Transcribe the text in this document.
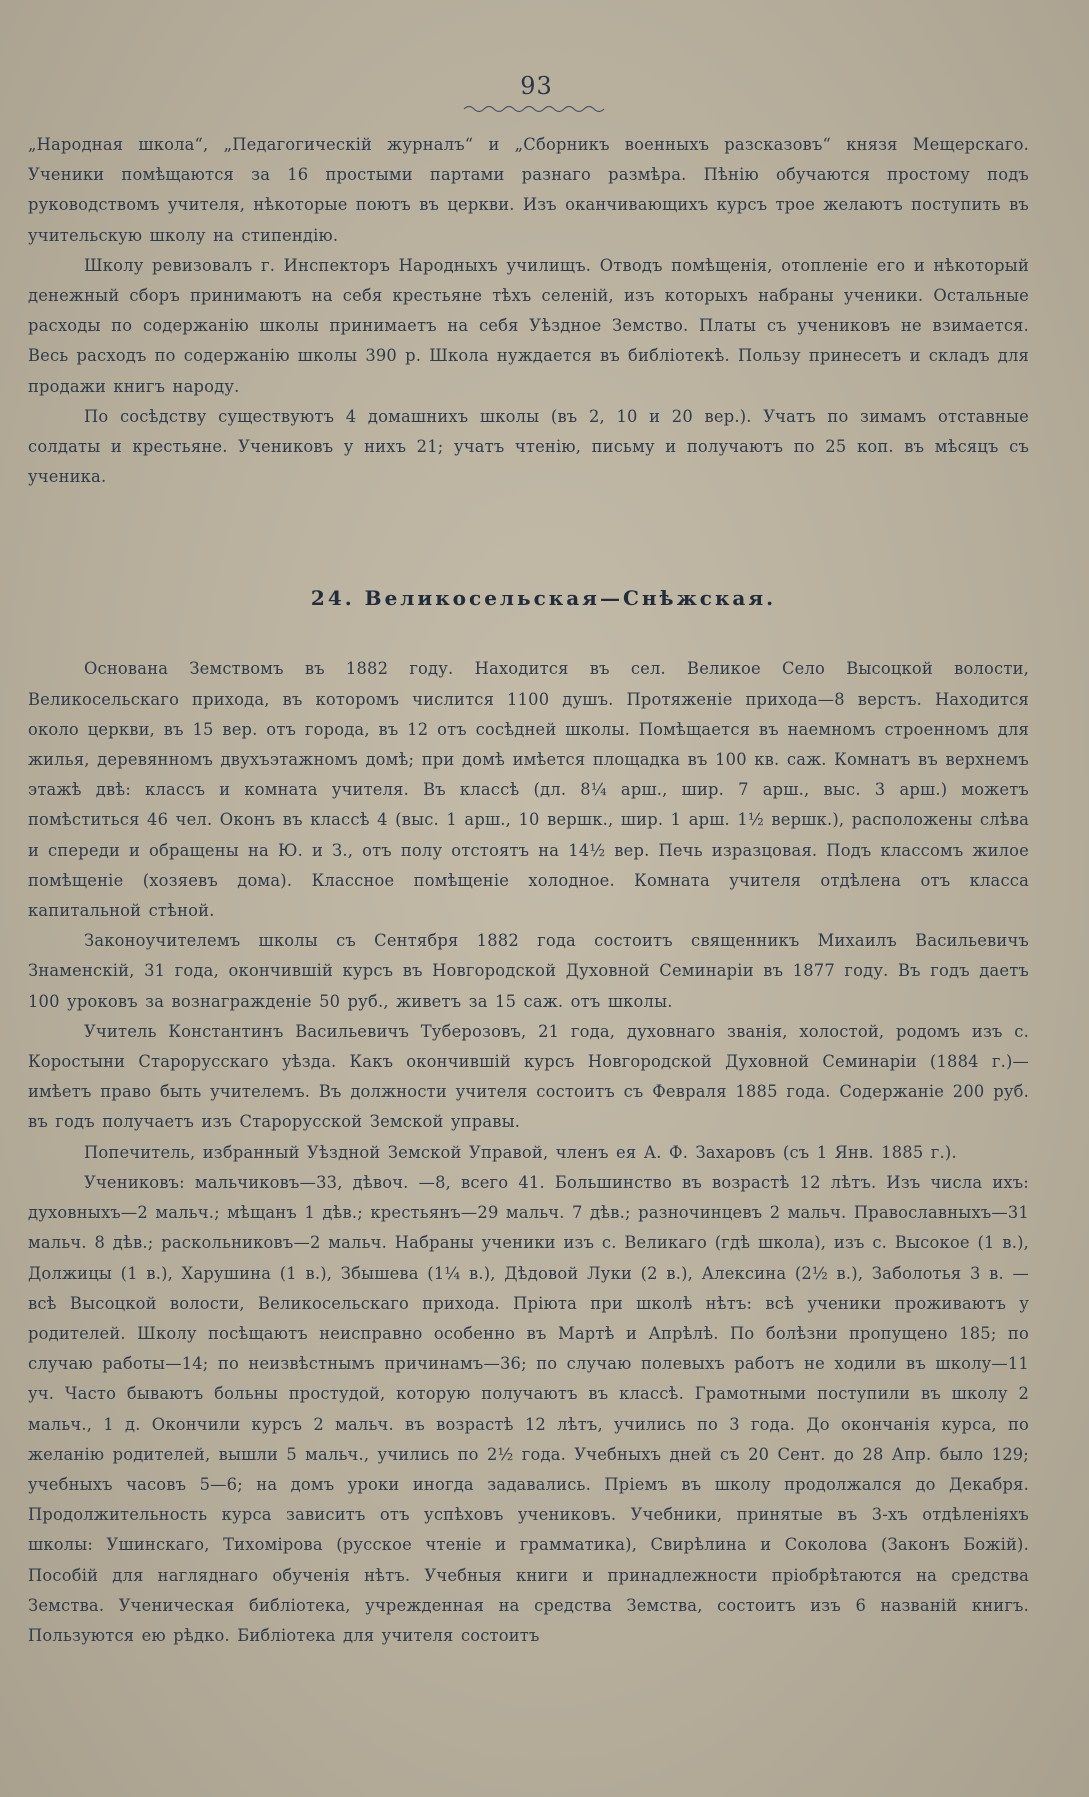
93

„Народная школа“, „Педагогическій журналъ“ и „Сборникъ военныхъ разсказовъ“ князя Мещерскаго. Ученики помѣщаются за 16 простыми партами разнаго размѣра. Пѣнію обучаются простому подъ руководствомъ учителя, нѣкоторые поютъ въ церкви. Изъ оканчивающихъ курсъ трое желаютъ поступить въ учительскую школу на стипендію.

Школу ревизовалъ г. Инспекторъ Народныхъ училищъ. Отводъ помѣщенія, отопленіе его и нѣкоторый денежный сборъ принимаютъ на себя крестьяне тѣхъ селеній, изъ которыхъ набраны ученики. Остальные расходы по содержанію школы принимаетъ на себя Уѣздное Земство. Платы съ учениковъ не взимается. Весь расходъ по содержанію школы 390 р. Школа нуждается въ библіотекѣ. Пользу принесетъ и складъ для продажи книгъ народу.

По сосѣдству существуютъ 4 домашнихъ школы (въ 2, 10 и 20 вер.). Учатъ по зимамъ отставные солдаты и крестьяне. Учениковъ у нихъ 21; учатъ чтенію, письму и получаютъ по 25 коп. въ мѣсяцъ съ ученика.

24. Великосельская—Снѣжская.

Основана Земствомъ въ 1882 году. Находится въ сел. Великое Село Высоцкой волости, Великосельскаго прихода, въ которомъ числится 1100 душъ. Протяженіе прихода—8 верстъ. Находится около церкви, въ 15 вер. отъ города, въ 12 отъ сосѣдней школы. Помѣщается въ наемномъ строенномъ для жилья, деревянномъ двухъэтажномъ домѣ; при домѣ имѣется площадка въ 100 кв. саж. Комнатъ въ верхнемъ этажѣ двѣ: классъ и комната учителя. Въ классѣ (дл. 8¼ арш., шир. 7 арш., выс. 3 арш.) можетъ помѣститься 46 чел. Оконъ въ классѣ 4 (выс. 1 арш., 10 вершк., шир. 1 арш. 1½ вершк.), расположены слѣва и спереди и обращены на Ю. и З., отъ полу отстоятъ на 14½ вер. Печь изразцовая. Подъ классомъ жилое помѣщеніе (хозяевъ дома). Классное помѣщеніе холодное. Комната учителя отдѣлена отъ класса капитальной стѣной.

Законоучителемъ школы съ Сентября 1882 года состоитъ священникъ Михаилъ Васильевичъ Знаменскій, 31 года, окончившій курсъ въ Новгородской Духовной Семинаріи въ 1877 году. Въ годъ даетъ 100 уроковъ за вознагражденіе 50 руб., живетъ за 15 саж. отъ школы.

Учитель Константинъ Васильевичъ Туберозовъ, 21 года, духовнаго званія, холостой, родомъ изъ с. Коростыни Старорусскаго уѣзда. Какъ окончившій курсъ Новгородской Духовной Семинаріи (1884 г.)—имѣетъ право быть учителемъ. Въ должности учителя состоитъ съ Февраля 1885 года. Содержаніе 200 руб. въ годъ получаетъ изъ Старорусской Земской управы.

Попечитель, избранный Уѣздной Земской Управой, членъ ея А. Ф. Захаровъ (съ 1 Янв. 1885 г.).

Учениковъ: мальчиковъ—33, дѣвоч. —8, всего 41. Большинство въ возрастѣ 12 лѣтъ. Изъ числа ихъ: духовныхъ—2 мальч.; мѣщанъ 1 дѣв.; крестьянъ—29 мальч. 7 дѣв.; разночинцевъ 2 мальч. Православныхъ—31 мальч. 8 дѣв.; раскольниковъ—2 мальч. Набраны ученики изъ с. Великаго (гдѣ школа), изъ с. Высокое (1 в.), Должицы (1 в.), Харушина (1 в.), Збышева (1¼ в.), Дѣдовой Луки (2 в.), Алексина (2½ в.), Заболотья 3 в. —всѣ Высоцкой волости, Великосельскаго прихода. Пріюта при школѣ нѣтъ: всѣ ученики проживаютъ у родителей. Школу посѣщаютъ неисправно особенно въ Мартѣ и Апрѣлѣ. По болѣзни пропущено 185; по случаю работы—14; по неизвѣстнымъ причинамъ—36; по случаю полевыхъ работъ не ходили въ школу—11 уч. Часто бываютъ больны простудой, которую получаютъ въ классѣ. Грамотными поступили въ школу 2 мальч., 1 д. Окончили курсъ 2 мальч. въ возрастѣ 12 лѣтъ, учились по 3 года. До окончанія курса, по желанію родителей, вышли 5 мальч., учились по 2½ года. Учебныхъ дней съ 20 Сент. до 28 Апр. было 129; учебныхъ часовъ 5—6; на домъ уроки иногда задавались. Пріемъ въ школу продолжался до Декабря. Продолжительность курса зависитъ отъ успѣховъ учениковъ. Учебники, принятые въ 3-хъ отдѣленіяхъ школы: Ушинскаго, Тихоміpова (русское чтеніе и грамматика), Свирѣлина и Соколова (Законъ Божій). Пособій для нагляднаго обученія нѣтъ. Учебныя книги и принадлежности пріобрѣтаются на средства Земства. Ученическая библіотека, учрежденная на средства Земства, состоитъ изъ 6 названій книгъ. Пользуются ею рѣдко. Библіотека для учителя состоитъ
